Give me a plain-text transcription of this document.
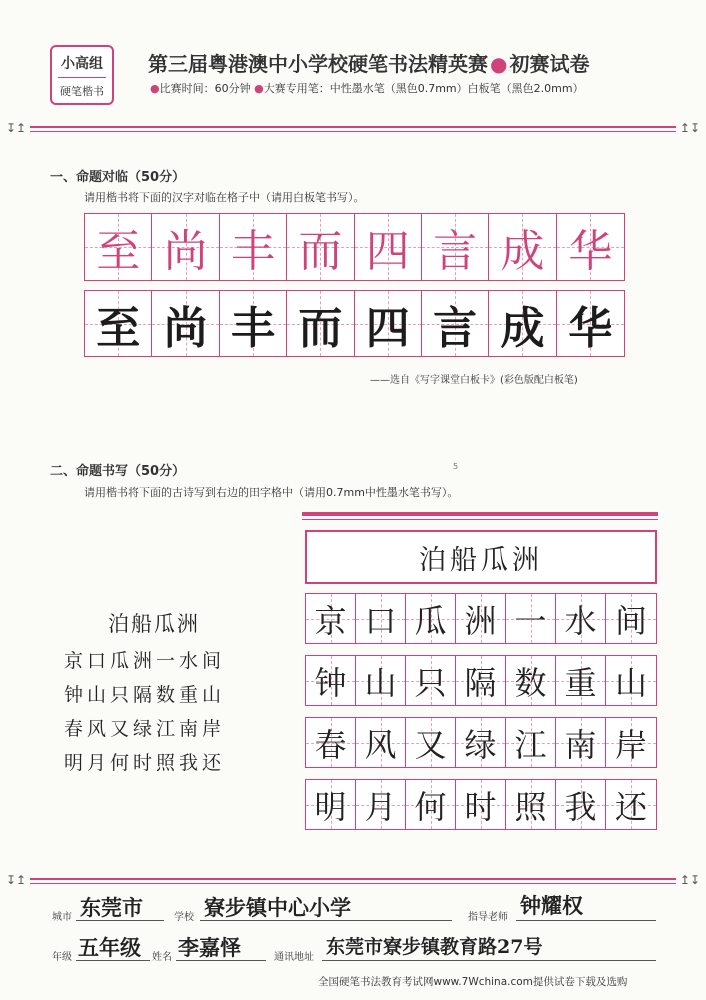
小高组
硬笔楷书
第三届粤港澳中小学校硬笔书法精英赛 ● 初赛试卷
●比赛时间：60分钟 ●大赛专用笔：中性墨水笔（黑色0.7mm）白板笔（黑色2.0mm）
↧↥	↥↧
一、命题对临（50分）
请用楷书将下面的汉字对临在格子中（请用白板笔书写）。
至 尚 丰 而 四 言 成 华
至 尚 丰 而 四 言 成 华
——选自《写字课堂白板卡》(彩色版配白板笔)
二、命题书写（50分）	5
请用楷书将下面的古诗写到右边的田字格中（请用0.7mm中性墨水笔书写）。
泊船瓜洲
京口瓜洲一水间
钟山只隔数重山
春风又绿江南岸
明月何时照我还
泊船瓜洲
京 口 瓜 洲 一 水 间
钟 山 只 隔 数 重 山
春 风 又 绿 江 南 岸
明 月 何 时 照 我 还
↧↥	↥↧
城市 东莞市	学校 寮步镇中心小学	指导老师 钟耀权
年级 五年级 姓名 李嘉怿	通讯地址 东莞市寮步镇教育路27号
全国硬笔书法教育考试网www.7Wchina.com提供试卷下载及选购
